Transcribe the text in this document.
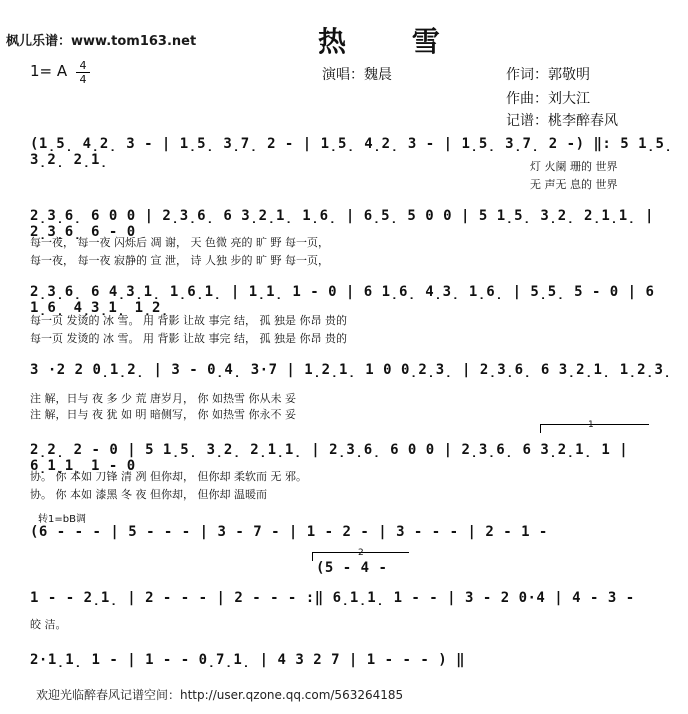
枫儿乐谱：www.tom163.net	热 雪
1= A	4
4	演唱：魏晨	作词：郭敬明
作曲：刘大江
记谱：桃李醉春风
(1̣5̣ 4̣2̣ 3 - | 1̣5̣ 3̣7̣ 2 - | 1̣5̣ 4̣2̣ 3 - | 1̣5̣ 3̣7̣ 2 -) ‖: 5 1̣5̣ 3̣2̣ 2̣1̣	灯 火阑 珊的 世界
无 声无 息的 世界
2̣3̣6̣ 6 0 0 | 2̣3̣6̣ 6 3̣2̣1̣ 1̣6̣ | 6̣5̣ 5 0 0 | 5 1̣5̣ 3̣2̣ 2̣1̣1̣ | 2̣3̣6̣ 6 - 0
每一夜， 每一夜 闪烁后 凋 谢， 天 色微 亮的 旷 野 每一页，
每一夜， 每一夜 寂静的 宣 泄， 诗 人独 步的 旷 野 每一页，
2̣3̣6̣ 6 4̣3̣1̣ 1̣6̣1̣ | 1̣1̣ 1 - 0 | 6 1̣6̣ 4̣3̣ 1̣6̣ | 5̣5̣ 5 - 0 | 6 1̣6̣ 4̣3̣1̣ 1̣2̣
每一页 发烫的 冰 雪。 用 背影 让故 事完 结， 孤 独是 你昂 贵的
每一页 发烫的 冰 雪。 用 背影 让故 事完 结， 孤 独是 你昂 贵的
3 ·2 2 0̣1̣2̣ | 3 - 0̣4̣ 3·7 | 1̣2̣1̣ 1 0 0̣2̣3̣ | 2̣3̣6̣ 6 3̣2̣1̣ 1̣2̣3̣
注 解，日与 夜 多 少 荒 唐岁月， 你 如热雪 你从未 妥
注 解，日与 夜 犹 如 明 暗侧写， 你 如热雪 你永不 妥
1
2̣2̣ 2 - 0 | 5 1̣5̣ 3̣2̣ 2̣1̣1̣ | 2̣3̣6̣ 6 0 0 | 2̣3̣6̣ 6 3̣2̣1̣ 1 | 6̣1̣1̣ 1 - 0
协。 你 本如 刀锋 清 冽 但你却， 但你却 柔软而 无 邪。
协。 你 本如 漆黑 冬 夜 但你却， 但你却 温暖而
转1=bB调
(6 - - - | 5 - - - | 3 - 7 - | 1 - 2 - | 3 - - - | 2 - 1 -
2
(5 - 4 -
1 - - 2̣1̣ | 2 - - - | 2 - - - :‖ 6̣1̣1̣ 1 - - | 3 - 2 0·4 | 4 - 3 -
皎 洁。
2·1̣1̣ 1 - | 1 - - 0̣7̣1̣ | 4 3 2 7 | 1 - - - ) ‖
欢迎光临醉春风记谱空间：http://user.qzone.qq.com/563264185
